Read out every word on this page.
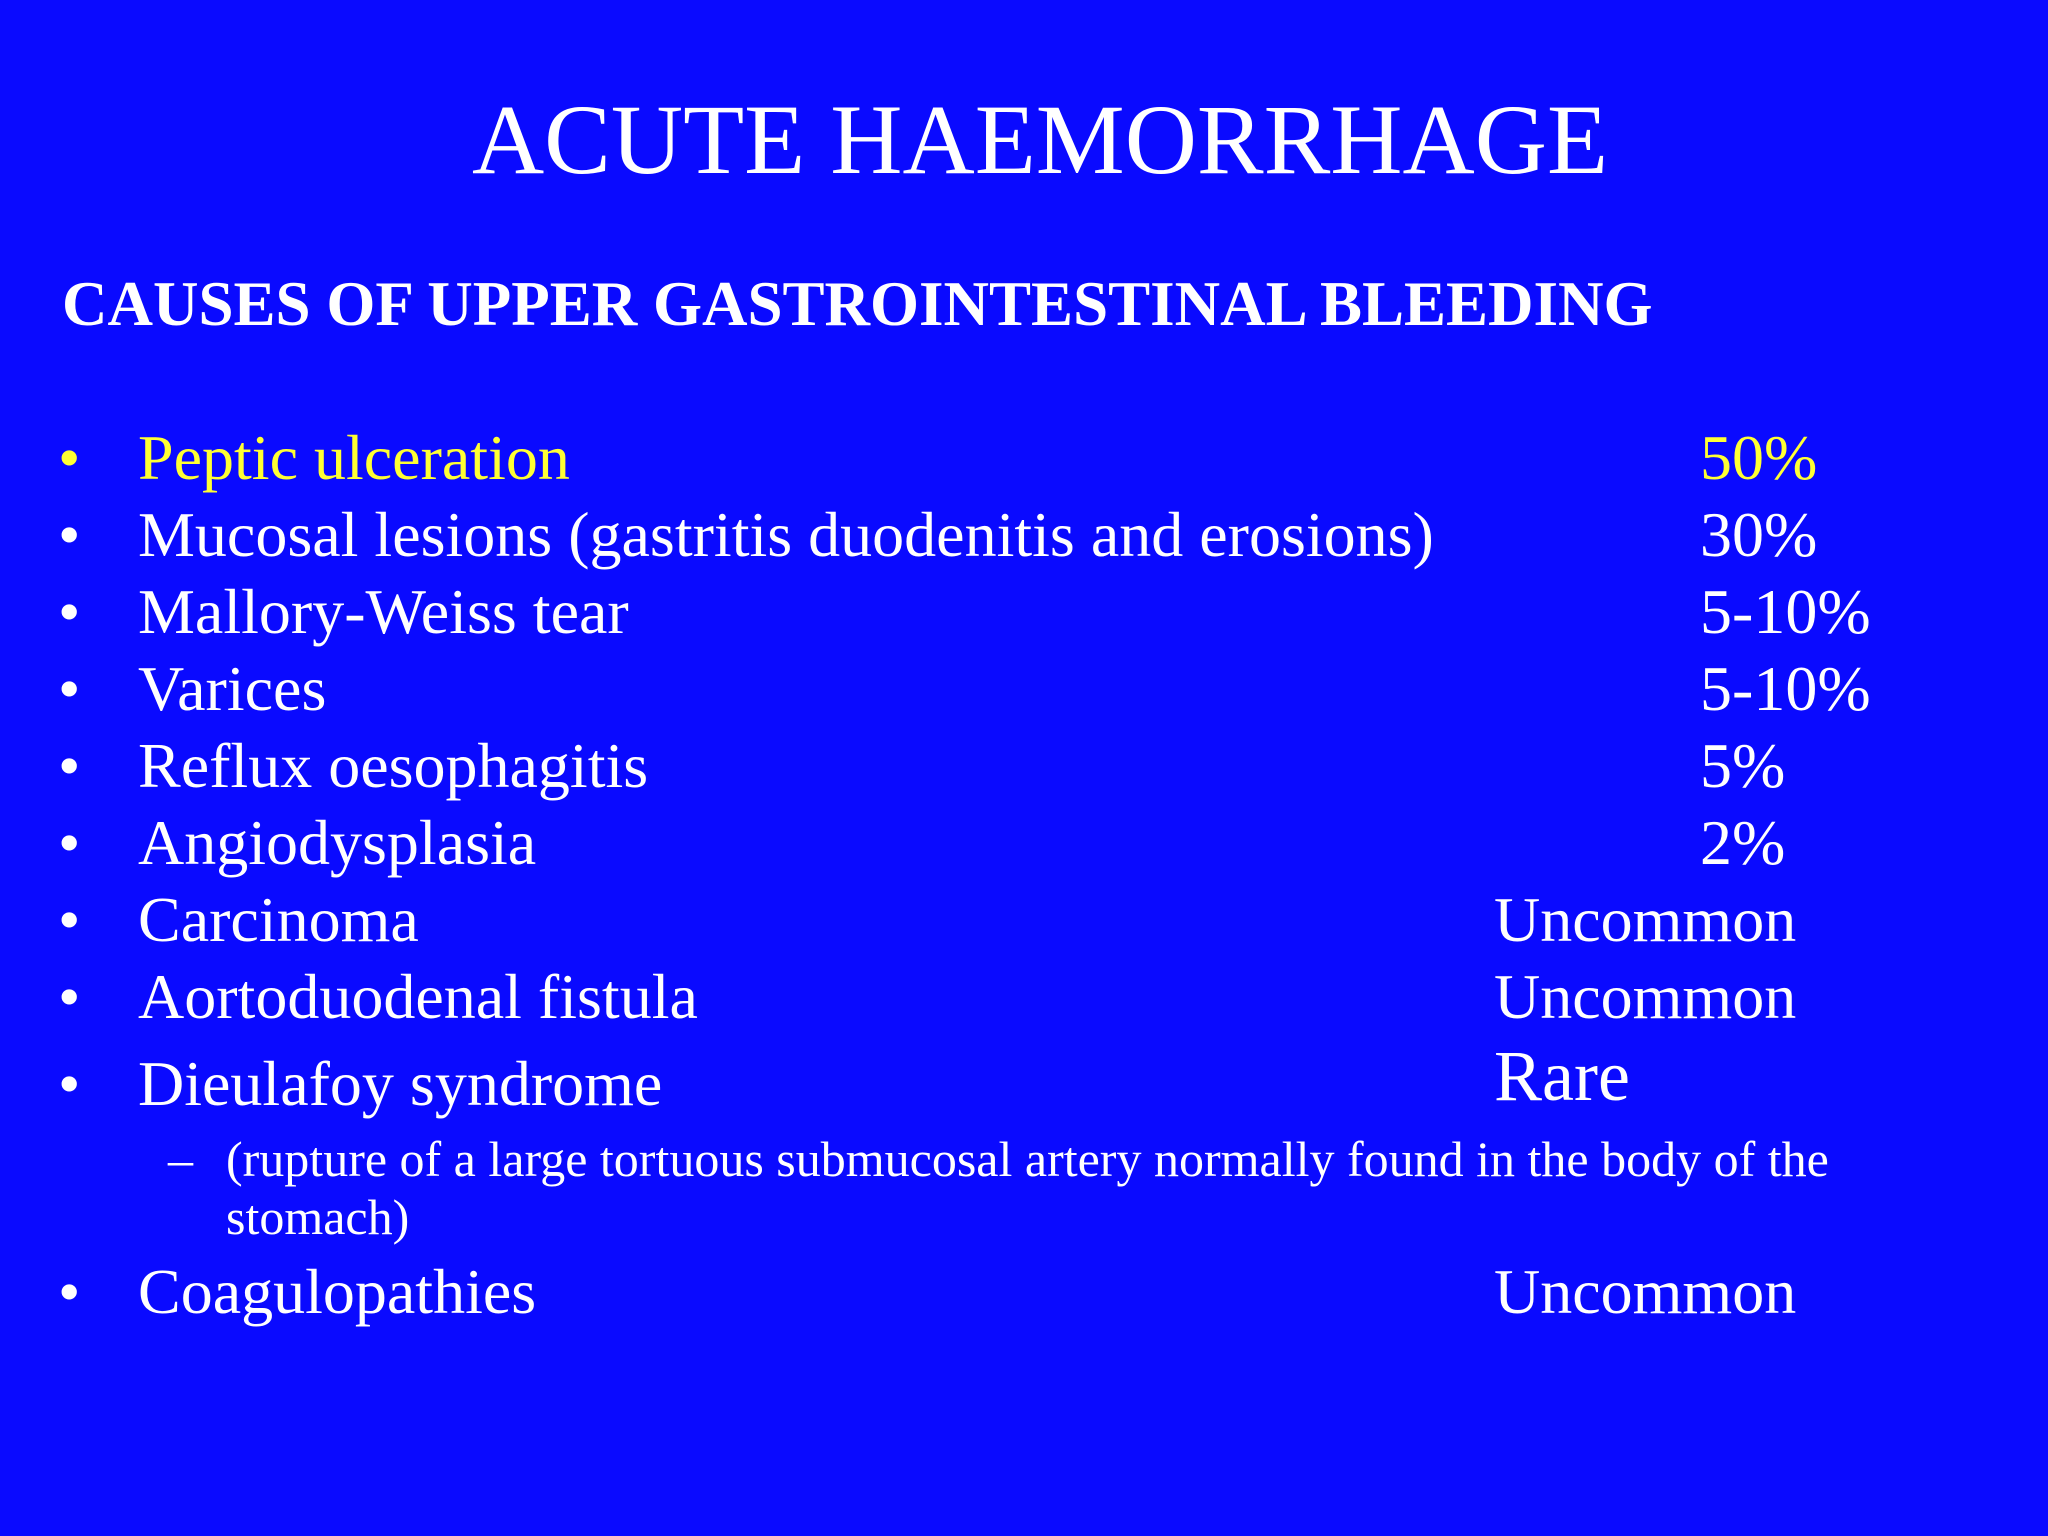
ACUTE HAEMORRHAGE
CAUSES OF UPPER GASTROINTESTINAL BLEEDING
• Peptic ulceration	50%
• Mucosal lesions (gastritis duodenitis and erosions)	30%
• Mallory-Weiss tear	5-10%
• Varices	5-10%
• Reflux oesophagitis	5%
• Angiodysplasia	2%
• Carcinoma	Uncommon
• Aortoduodenal fistula	Uncommon
• Dieulafoy syndrome	Rare
– (rupture of a large tortuous submucosal artery normally found in the body of the stomach)
• Coagulopathies	Uncommon
